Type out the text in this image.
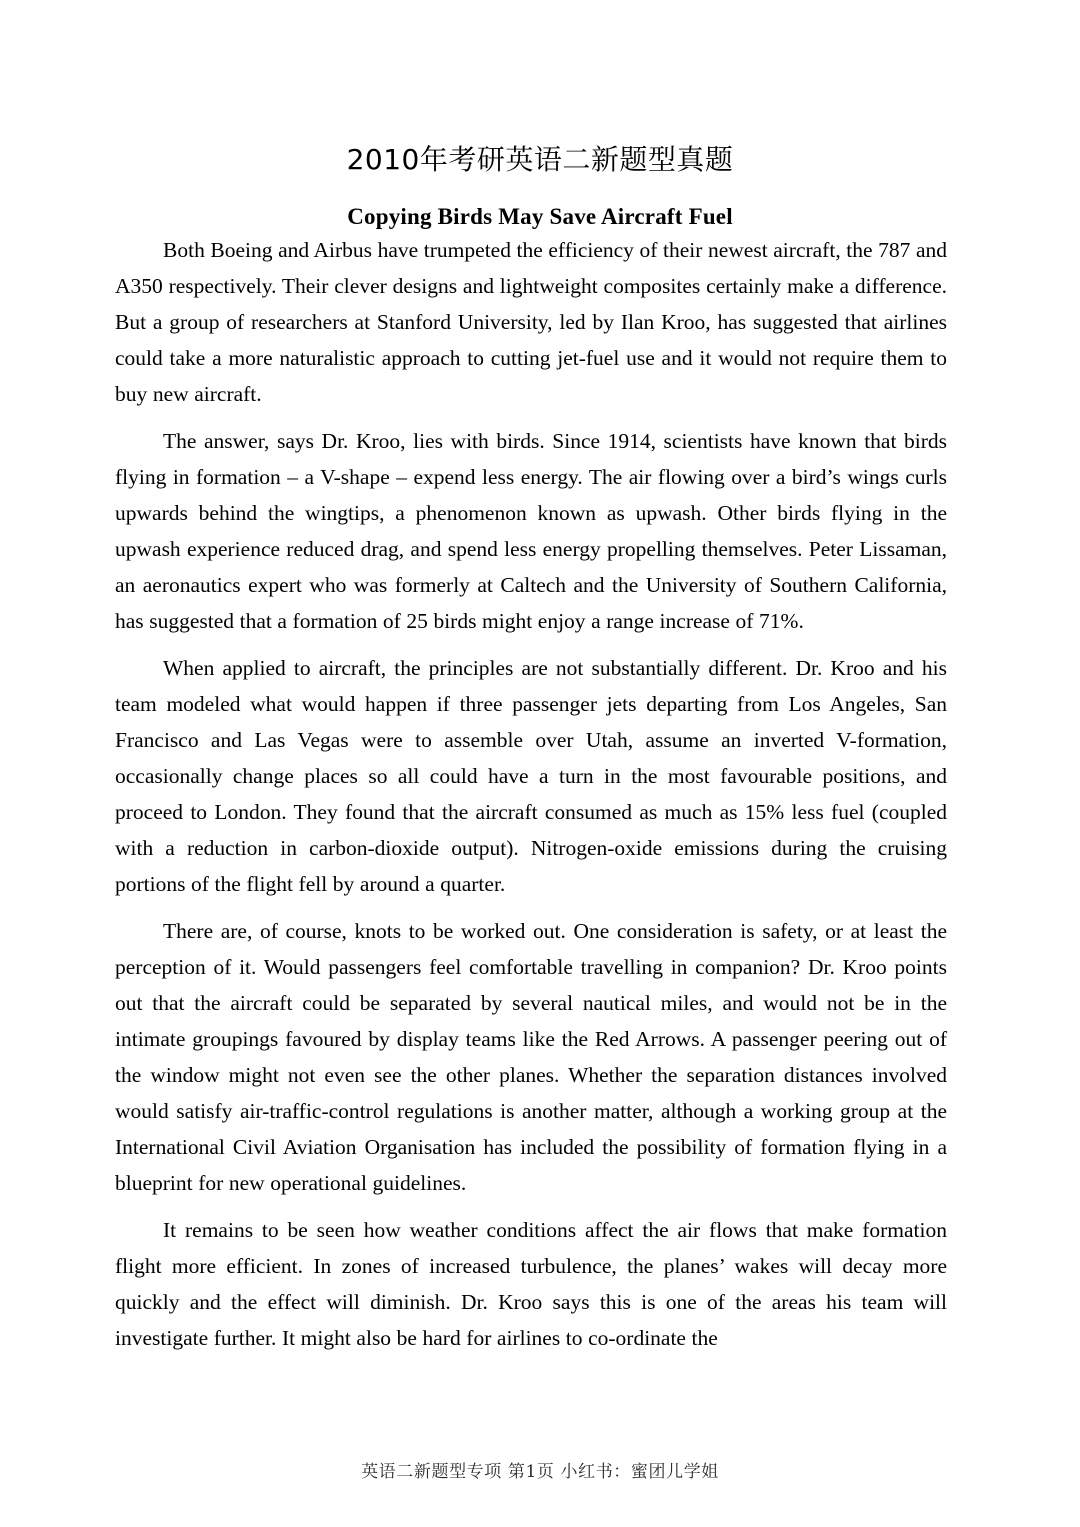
2010年考研英语二新题型真题
Copying Birds May Save Aircraft Fuel

Both Boeing and Airbus have trumpeted the efficiency of their newest aircraft, the 787 and A350 respectively. Their clever designs and lightweight composites certainly make a difference. But a group of researchers at Stanford University, led by Ilan Kroo, has suggested that airlines could take a more naturalistic approach to cutting jet-fuel use and it would not require them to buy new aircraft.

The answer, says Dr. Kroo, lies with birds. Since 1914, scientists have known that birds flying in formation – a V-shape – expend less energy. The air flowing over a bird’s wings curls upwards behind the wingtips, a phenomenon known as upwash. Other birds flying in the upwash experience reduced drag, and spend less energy propelling themselves. Peter Lissaman, an aeronautics expert who was formerly at Caltech and the University of Southern California, has suggested that a formation of 25 birds might enjoy a range increase of 71%.

When applied to aircraft, the principles are not substantially different. Dr. Kroo and his team modeled what would happen if three passenger jets departing from Los Angeles, San Francisco and Las Vegas were to assemble over Utah, assume an inverted V-formation, occasionally change places so all could have a turn in the most favourable positions, and proceed to London. They found that the aircraft consumed as much as 15% less fuel (coupled with a reduction in carbon-dioxide output). Nitrogen-oxide emissions during the cruising portions of the flight fell by around a quarter.

There are, of course, knots to be worked out. One consideration is safety, or at least the perception of it. Would passengers feel comfortable travelling in companion? Dr. Kroo points out that the aircraft could be separated by several nautical miles, and would not be in the intimate groupings favoured by display teams like the Red Arrows. A passenger peering out of the window might not even see the other planes. Whether the separation distances involved would satisfy air-traffic-control regulations is another matter, although a working group at the International Civil Aviation Organisation has included the possibility of formation flying in a blueprint for new operational guidelines.

It remains to be seen how weather conditions affect the air flows that make formation flight more efficient. In zones of increased turbulence, the planes’ wakes will decay more quickly and the effect will diminish. Dr. Kroo says this is one of the areas his team will investigate further. It might also be hard for airlines to co-ordinate the

英语二新题型专项 第1页 小红书：蜜团儿学姐
